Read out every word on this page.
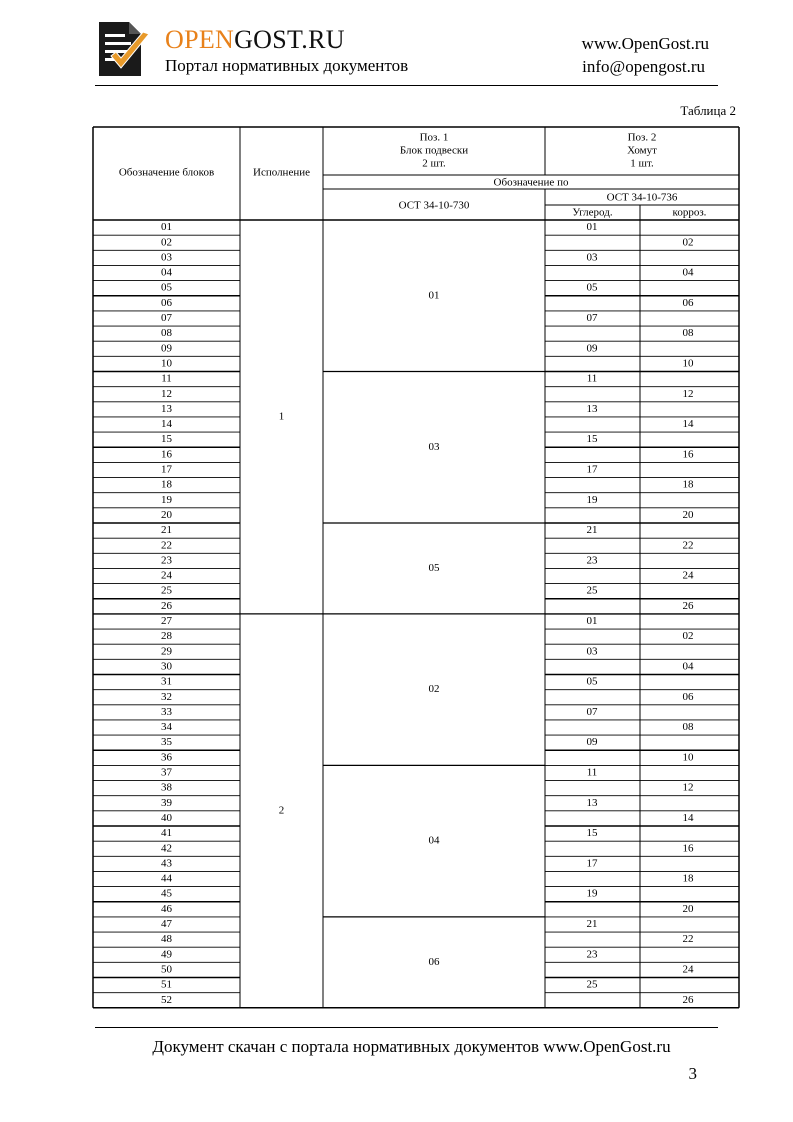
OPENGOST.RU
Портал нормативных документов
www.OpenGost.ru
info@opengost.ru
Таблица 2
Обозначение блоков	Исполнение
Поз. 1
Блок подвески
2 шт.
Поз. 2
Хомут
1 шт.
Обозначение по
ОСТ 34-10-730
ОСТ 34-10-736
Углерод.	корроз.
01
02
03
04
05
06
07
08
09
10
11
12
13
14
15
16
17
18
19
20
21
22
23
24
25
26
27
28
29
30
31
32
33
34
35
36
37
38
39
40
41
42
43
44
45
46
47
48
49
50
51
52
1
2
01
03
05
02
04
06
01
02
03
04
05
06
07
08
09
10
11
12
13
14
15
16
17
18
19
20
21
22
23
24
25
26
01
02
03
04
05
06
07
08
09
10
11
12
13
14
15
16
17
18
19
20
21
22
23
24
25
26
Документ скачан с портала нормативных документов www.OpenGost.ru
3
